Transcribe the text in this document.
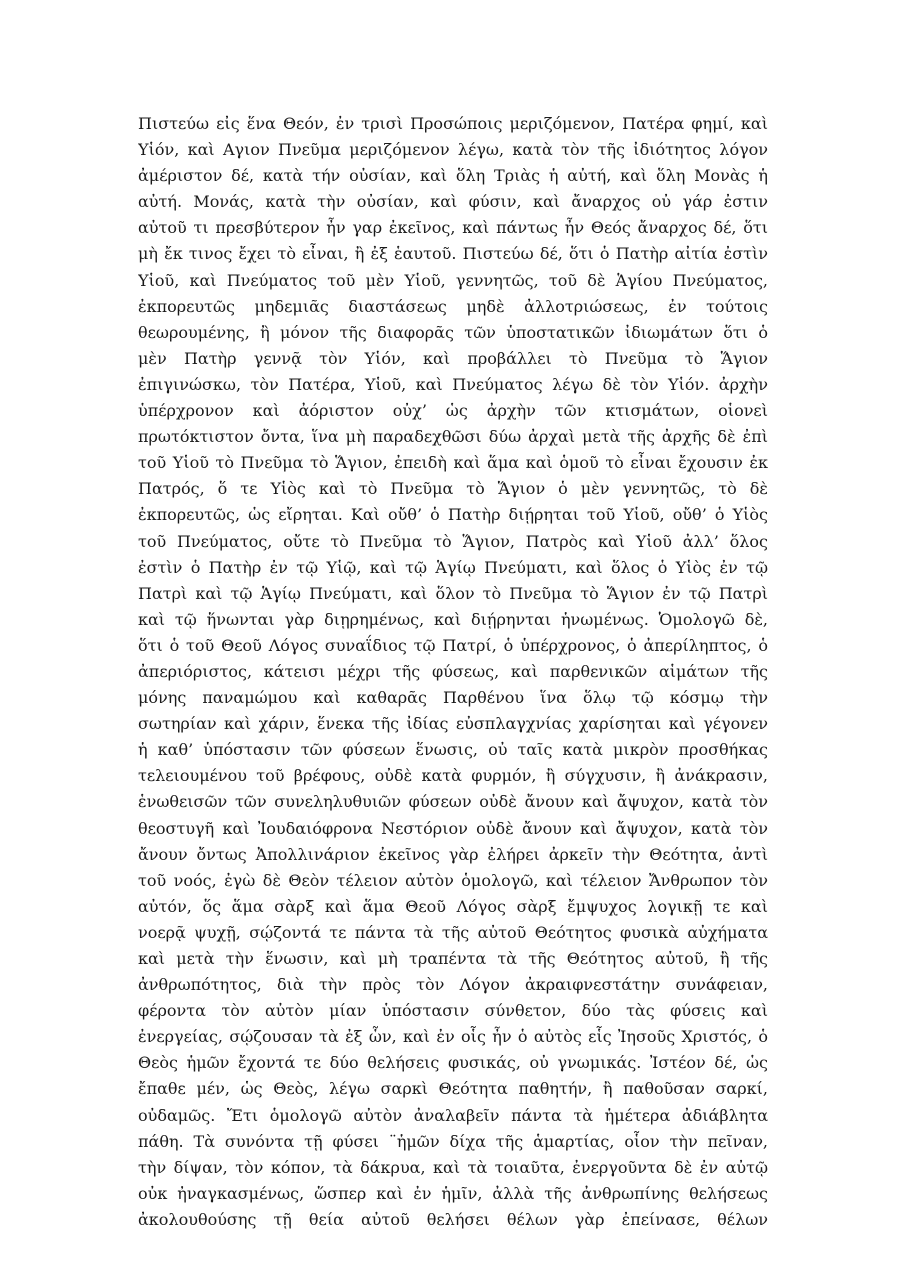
Πιστεύω εἰς ἕνα Θεόν, ἐν τρισὶ Προσώποις μεριζόμενον, Πατέρα φημί, καὶ
Υἱόν, καὶ Αγιον Πνεῦμα μεριζόμενον λέγω, κατὰ τὸν τῆς ἰδιότητος λόγον
ἀμέριστον δέ, κατὰ τήν οὐσίαν, καὶ ὅλη Τριὰς ἡ αὐτή, καὶ ὅλη Μονὰς ἡ
αὐτή. Μονάς, κατὰ τὴν οὐσίαν, καὶ φύσιν, καὶ ἄναρχος οὐ γάρ ἐστιν
αὐτοῦ τι πρεσβύτερον ἦν γαρ ἐκεῖνος, καὶ πάντως ἦν Θεός ἄναρχος δέ, ὅτι
μὴ ἔκ τινος ἔχει τὸ εἶναι, ἢ ἐξ ἑαυτοῦ. Πιστεύω δέ, ὅτι ὁ Πατὴρ αἰτία ἐστὶν
Υἱοῦ, καὶ Πνεύματος τοῦ μὲν Υἱοῦ, γεννητῶς, τοῦ δὲ Ἁγίου Πνεύματος,
ἐκπορευτῶς μηδεμιᾶς διαστάσεως μηδὲ ἀλλοτριώσεως, ἐν τούτοις
θεωρουμένης, ἢ μόνον τῆς διαφορᾶς τῶν ὑποστατικῶν ἰδιωμάτων ὅτι ὁ
μὲν Πατὴρ γεννᾷ τὸν Υἱόν, καὶ προβάλλει τὸ Πνεῦμα τὸ Ἅγιον
ἐπιγινώσκω, τὸν Πατέρα, Υἱοῦ, καὶ Πνεύματος λέγω δὲ τὸν Υἱόν. ἀρχὴν
ὑπέρχρονον καὶ ἀόριστον οὐχ’ ὡς ἀρχὴν τῶν κτισμάτων, οἱονεὶ
πρωτόκτιστον ὄντα, ἵνα μὴ παραδεχθῶσι δύω ἀρχαὶ μετὰ τῆς ἀρχῆς δὲ ἐπὶ
τοῦ Υἱοῦ τὸ Πνεῦμα τὸ Ἅγιον, ἐπειδὴ καὶ ἅμα καὶ ὁμοῦ τὸ εἶναι ἔχουσιν ἐκ
Πατρός, ὅ τε Υἱὸς καὶ τὸ Πνεῦμα τὸ Ἅγιον ὁ μὲν γεννητῶς, τὸ δὲ
ἐκπορευτῶς, ὡς εἴρηται. Καὶ οὔθ’ ὁ Πατὴρ διῄρηται τοῦ Υἱοῦ, οὔθ’ ὁ Υἱὸς
τοῦ Πνεύματος, οὔτε τὸ Πνεῦμα τὸ Ἅγιον, Πατρὸς καὶ Υἱοῦ ἀλλ’ ὅλος
ἐστὶν ὁ Πατὴρ ἐν τῷ Υἱῷ, καὶ τῷ Ἁγίῳ Πνεύματι, καὶ ὅλος ὁ Υἱὸς ἐν τῷ
Πατρὶ καὶ τῷ Ἁγίῳ Πνεύματι, καὶ ὅλον τὸ Πνεῦμα τὸ Ἅγιον ἐν τῷ Πατρὶ
καὶ τῷ ἥνωνται γὰρ διῃρημένως, καὶ διῄρηνται ἡνωμένως. Ὁμολογῶ δὲ,
ὅτι ὁ τοῦ Θεοῦ Λόγος συναΐδιος τῷ Πατρί, ὁ ὑπέρχρονος, ὁ ἀπερίληπτος, ὁ
ἀπεριόριστος, κάτεισι μέχρι τῆς φύσεως, καὶ παρθενικῶν αἱμάτων τῆς
μόνης παναμώμου καὶ καθαρᾶς Παρθένου ἵνα ὅλῳ τῷ κόσμῳ τὴν
σωτηρίαν καὶ χάριν, ἕνεκα τῆς ἰδίας εὐσπλαγχνίας χαρίσηται καὶ γέγονεν
ἡ καθ’ ὑπόστασιν τῶν φύσεων ἕνωσις, οὐ ταῖς κατὰ μικρὸν προσθήκας
τελειουμένου τοῦ βρέφους, οὐδὲ κατὰ φυρμόν, ἢ σύγχυσιν, ἢ ἀνάκρασιν,
ἑνωθεισῶν τῶν συνεληλυθυιῶν φύσεων οὐδὲ ἄνουν καὶ ἄψυχον, κατὰ τὸν
θεοστυγῆ καὶ Ἰουδαιόφρονα Νεστόριον οὐδὲ ἄνουν καὶ ἄψυχον, κατὰ τὸν
ἄνουν ὄντως Ἀπολλινάριον ἐκεῖνος γὰρ ἐλήρει ἀρκεῖν τὴν Θεότητα, ἀντὶ
τοῦ νοός, ἐγὼ δὲ Θεὸν τέλειον αὐτὸν ὁμολογῶ, καὶ τέλειον Ἄνθρωπον τὸν
αὐτόν, ὅς ἅμα σὰρξ καὶ ἅμα Θεοῦ Λόγος σὰρξ ἔμψυχος λογικῇ τε καὶ
νοερᾷ ψυχῇ, σῴζοντά τε πάντα τὰ τῆς αὐτοῦ Θεότητος φυσικὰ αὐχήματα
καὶ μετὰ τὴν ἕνωσιν, καὶ μὴ τραπέντα τὰ τῆς Θεότητος αὐτοῦ, ἢ τῆς
ἀνθρωπότητος, διὰ τὴν πρὸς τὸν Λόγον ἀκραιφνεστάτην συνάφειαν,
φέροντα τὸν αὐτὸν μίαν ὑπόστασιν σύνθετον, δύο τὰς φύσεις καὶ
ἐνεργείας, σῴζουσαν τὰ ἐξ ὧν, καὶ ἐν οἷς ἦν ὁ αὐτὸς εἷς Ἰησοῦς Χριστός, ὁ
Θεὸς ἡμῶν ἔχοντά τε δύο θελήσεις φυσικάς, οὐ γνωμικάς. Ἰστέον δέ, ὡς
ἔπαθε μέν, ὡς Θεὸς, λέγω σαρκὶ Θεότητα παθητήν, ἢ παθοῦσαν σαρκί,
οὐδαμῶς. Ἔτι ὁμολογῶ αὐτὸν ἀναλαβεῖν πάντα τὰ ἡμέτερα ἀδιάβλητα
πάθη. Τὰ συνόντα τῇ φύσει ¨ἡμῶν δίχα τῆς ἁμαρτίας, οἷον τὴν πεῖναν,
τὴν δίψαν, τὸν κόπον, τὰ δάκρυα, καὶ τὰ τοιαῦτα, ἐνεργοῦντα δὲ ἐν αὐτῷ
οὐκ ἠναγκασμένως, ὥσπερ καὶ ἐν ἡμῖν, ἀλλὰ τῆς ἀνθρωπίνης θελήσεως
ἀκολουθούσης τῇ θεία αὐτοῦ θελήσει θέλων γὰρ ἐπείνασε, θέλων
